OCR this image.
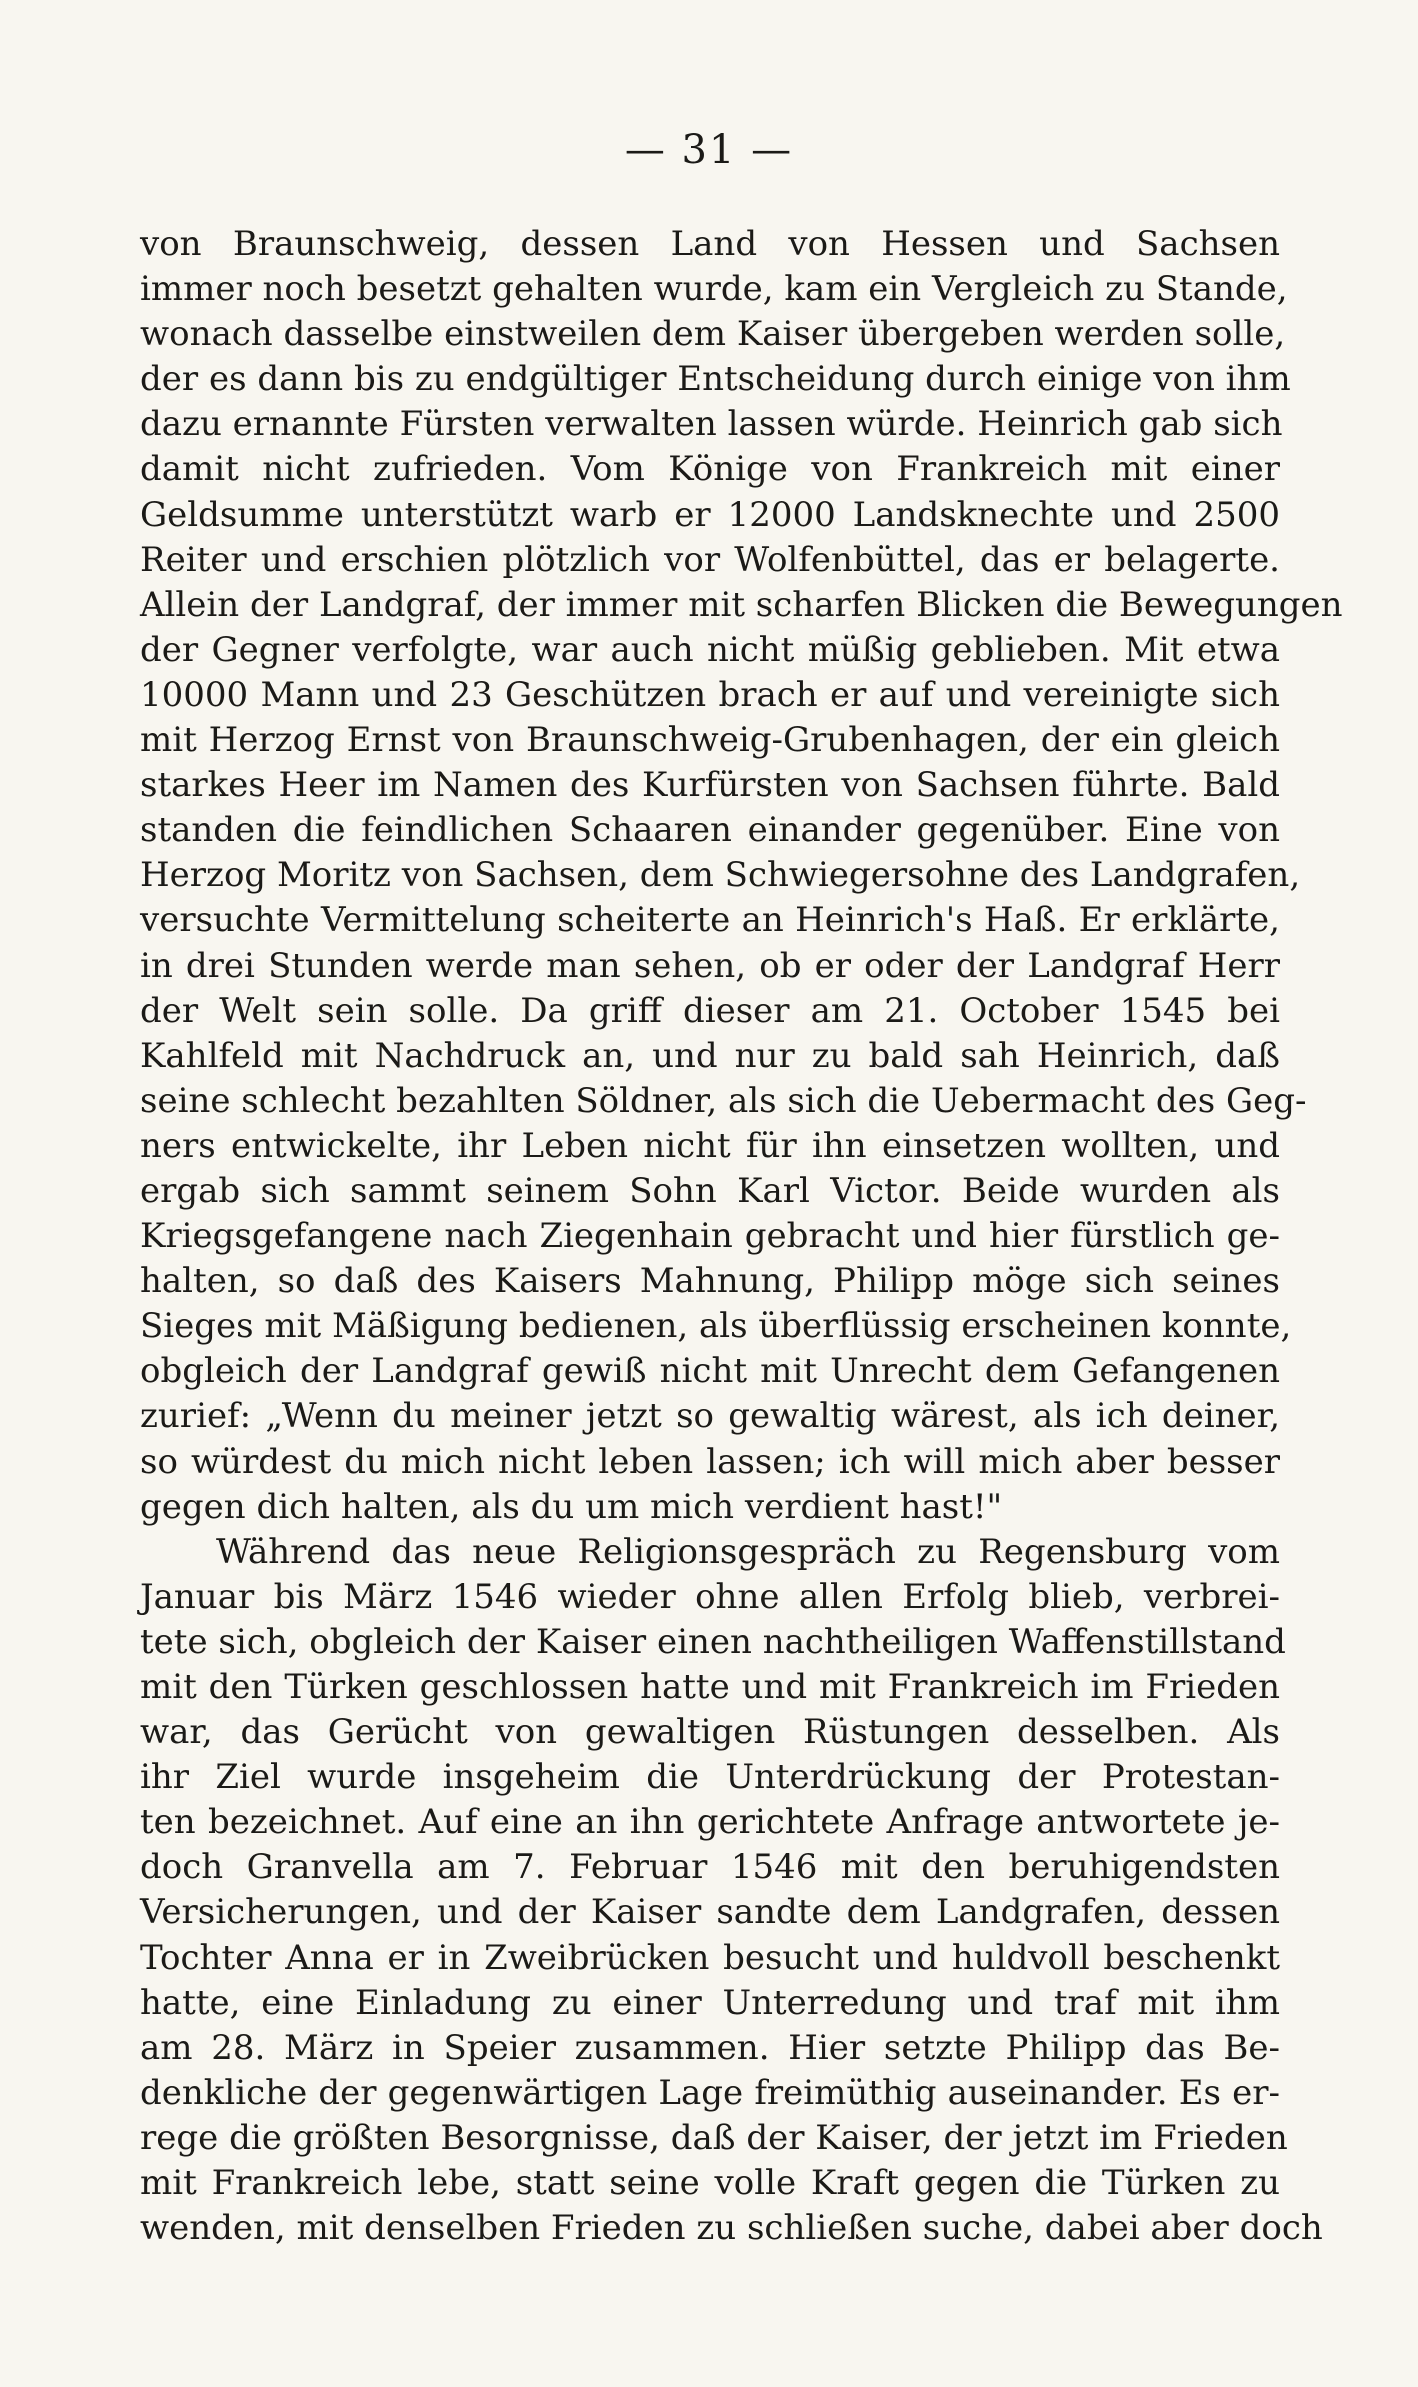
— 31 —
von Braunschweig, dessen Land von Hessen und Sachsen
immer noch besetzt gehalten wurde, kam ein Vergleich zu Stande,
wonach dasselbe einstweilen dem Kaiser übergeben werden solle,
der es dann bis zu endgültiger Entscheidung durch einige von ihm
dazu ernannte Fürsten verwalten lassen würde. Heinrich gab sich
damit nicht zufrieden. Vom Könige von Frankreich mit einer
Geldsumme unterstützt warb er 12000 Landsknechte und 2500
Reiter und erschien plötzlich vor Wolfenbüttel, das er belagerte.
Allein der Landgraf, der immer mit scharfen Blicken die Bewegungen
der Gegner verfolgte, war auch nicht müßig geblieben. Mit etwa
10000 Mann und 23 Geschützen brach er auf und vereinigte sich
mit Herzog Ernst von Braunschweig-Grubenhagen, der ein gleich
starkes Heer im Namen des Kurfürsten von Sachsen führte. Bald
standen die feindlichen Schaaren einander gegenüber. Eine von
Herzog Moritz von Sachsen, dem Schwiegersohne des Landgrafen,
versuchte Vermittelung scheiterte an Heinrich's Haß. Er erklärte,
in drei Stunden werde man sehen, ob er oder der Landgraf Herr
der Welt sein solle. Da griff dieser am 21. October 1545 bei
Kahlfeld mit Nachdruck an, und nur zu bald sah Heinrich, daß
seine schlecht bezahlten Söldner, als sich die Uebermacht des Geg-
ners entwickelte, ihr Leben nicht für ihn einsetzen wollten, und
ergab sich sammt seinem Sohn Karl Victor. Beide wurden als
Kriegsgefangene nach Ziegenhain gebracht und hier fürstlich ge-
halten, so daß des Kaisers Mahnung, Philipp möge sich seines
Sieges mit Mäßigung bedienen, als überflüssig erscheinen konnte,
obgleich der Landgraf gewiß nicht mit Unrecht dem Gefangenen
zurief: „Wenn du meiner jetzt so gewaltig wärest, als ich deiner,
so würdest du mich nicht leben lassen; ich will mich aber besser
gegen dich halten, als du um mich verdient hast!"
Während das neue Religionsgespräch zu Regensburg vom
Januar bis März 1546 wieder ohne allen Erfolg blieb, verbrei-
tete sich, obgleich der Kaiser einen nachtheiligen Waffenstillstand
mit den Türken geschlossen hatte und mit Frankreich im Frieden
war, das Gerücht von gewaltigen Rüstungen desselben. Als
ihr Ziel wurde insgeheim die Unterdrückung der Protestan-
ten bezeichnet. Auf eine an ihn gerichtete Anfrage antwortete je-
doch Granvella am 7. Februar 1546 mit den beruhigendsten
Versicherungen, und der Kaiser sandte dem Landgrafen, dessen
Tochter Anna er in Zweibrücken besucht und huldvoll beschenkt
hatte, eine Einladung zu einer Unterredung und traf mit ihm
am 28. März in Speier zusammen. Hier setzte Philipp das Be-
denkliche der gegenwärtigen Lage freimüthig auseinander. Es er-
rege die größten Besorgnisse, daß der Kaiser, der jetzt im Frieden
mit Frankreich lebe, statt seine volle Kraft gegen die Türken zu
wenden, mit denselben Frieden zu schließen suche, dabei aber doch
